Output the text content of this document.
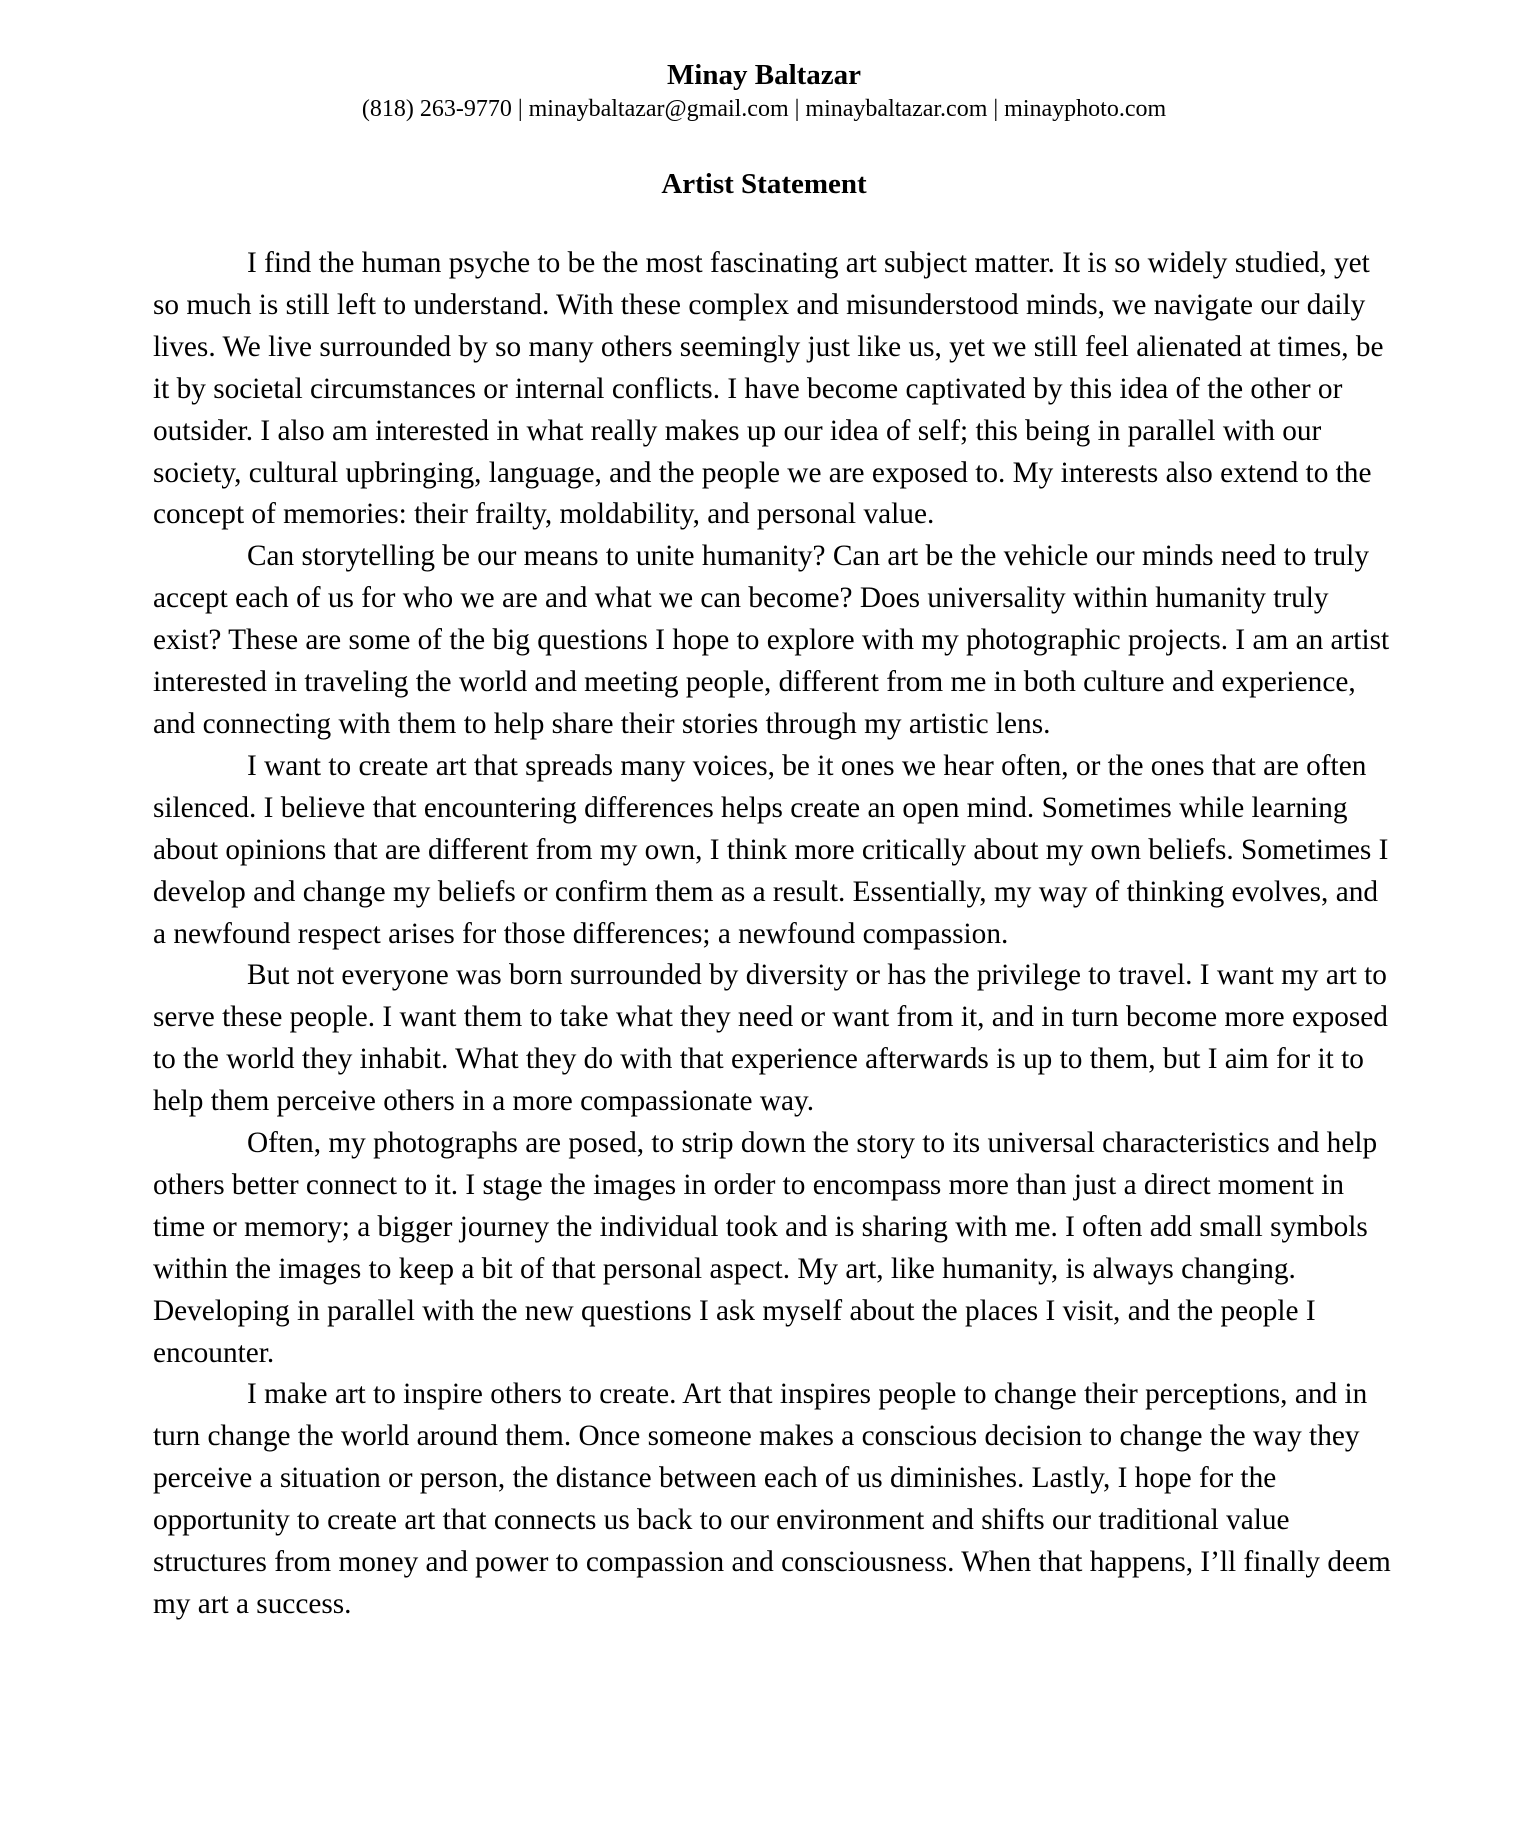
Minay Baltazar
(818) 263-9770 | minaybaltazar@gmail.com | minaybaltazar.com | minayphoto.com
Artist Statement

I find the human psyche to be the most fascinating art subject matter. It is so widely studied, yet so much is still left to understand. With these complex and misunderstood minds, we navigate our daily lives. We live surrounded by so many others seemingly just like us, yet we still feel alienated at times, be it by societal circumstances or internal conflicts. I have become captivated by this idea of the other or outsider. I also am interested in what really makes up our idea of self; this being in parallel with our society, cultural upbringing, language, and the people we are exposed to. My interests also extend to the concept of memories: their frailty, moldability, and personal value.

Can storytelling be our means to unite humanity? Can art be the vehicle our minds need to truly accept each of us for who we are and what we can become? Does universality within humanity truly exist? These are some of the big questions I hope to explore with my photographic projects. I am an artist interested in traveling the world and meeting people, different from me in both culture and experience, and connecting with them to help share their stories through my artistic lens.

I want to create art that spreads many voices, be it ones we hear often, or the ones that are often silenced. I believe that encountering differences helps create an open mind. Sometimes while learning about opinions that are different from my own, I think more critically about my own beliefs. Sometimes I develop and change my beliefs or confirm them as a result. Essentially, my way of thinking evolves, and a newfound respect arises for those differences; a newfound compassion.

But not everyone was born surrounded by diversity or has the privilege to travel. I want my art to serve these people. I want them to take what they need or want from it, and in turn become more exposed to the world they inhabit. What they do with that experience afterwards is up to them, but I aim for it to help them perceive others in a more compassionate way.

Often, my photographs are posed, to strip down the story to its universal characteristics and help others better connect to it. I stage the images in order to encompass more than just a direct moment in time or memory; a bigger journey the individual took and is sharing with me. I often add small symbols within the images to keep a bit of that personal aspect. My art, like humanity, is always changing. Developing in parallel with the new questions I ask myself about the places I visit, and the people I encounter.

I make art to inspire others to create. Art that inspires people to change their perceptions, and in turn change the world around them. Once someone makes a conscious decision to change the way they perceive a situation or person, the distance between each of us diminishes. Lastly, I hope for the opportunity to create art that connects us back to our environment and shifts our traditional value structures from money and power to compassion and consciousness. When that happens, I’ll finally deem my art a success.
